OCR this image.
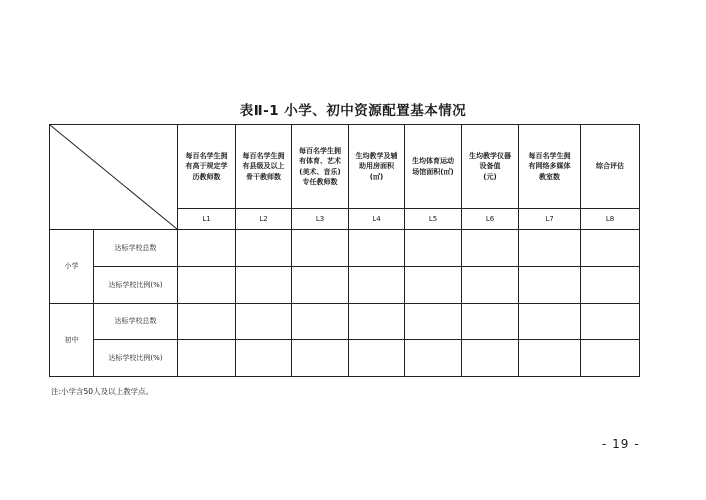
表Ⅱ-1 小学、初中资源配置基本情况

每百名学生拥
有高于规定学
历教师数	每百名学生拥
有县级及以上
骨干教师数	每百名学生拥
有体育、艺术
(美术、音乐)
专任教师数	生均教学及辅
助用房面积
(㎡)	生均体育运动
场馆面积(㎡)	生均教学仪器
设备值
(元)	每百名学生拥
有网络多媒体
教室数	综合评估

		L1	L2	L3	L4	L5	L6	L7	L8
小学	达标学校总数								
	达标学校比例(%)								
初中	达标学校总数								
	达标学校比例(%)								
注:小学含50人及以上教学点。
- 19 -
